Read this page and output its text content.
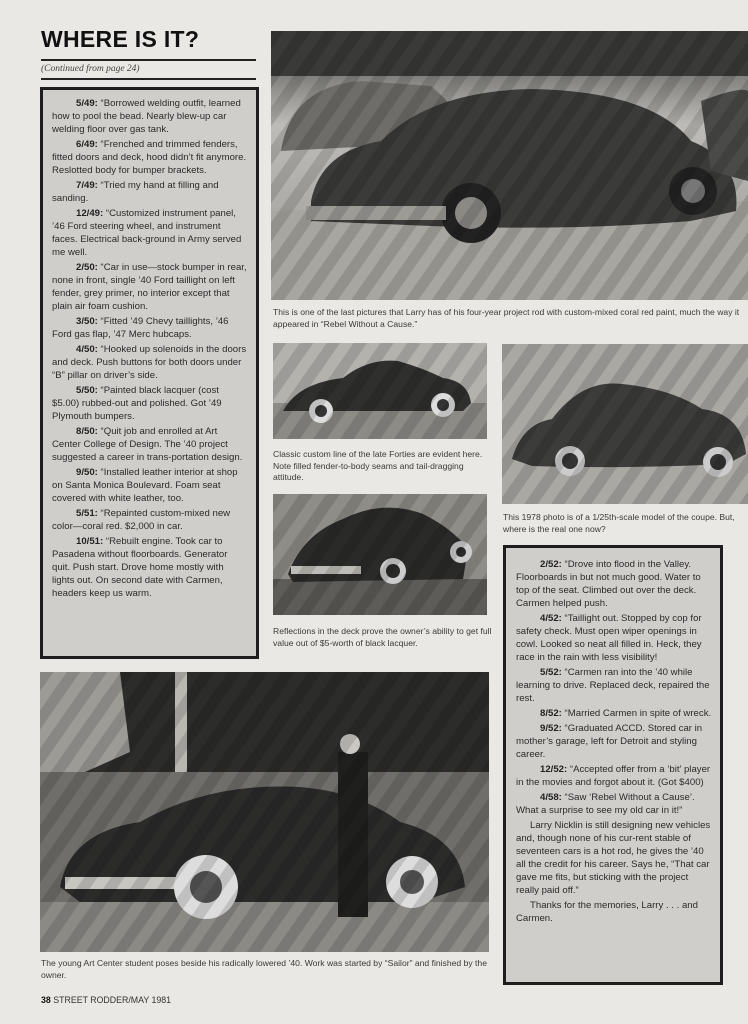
WHERE IS IT?
(Continued from page 24)

5/49: “Borrowed welding outfit, learned how to pool the bead. Nearly blew-up car welding floor over gas tank.

6/49: “Frenched and trimmed fenders, fitted doors and deck, hood didn’t fit anymore. Reslotted body for bumper brackets.

7/49: “Tried my hand at filling and sanding.

12/49: “Customized instrument panel, ’46 Ford steering wheel, and instrument faces. Electrical back-ground in Army served me well.

2/50: “Car in use—stock bumper in rear, none in front, single ’40 Ford taillight on left fender, grey primer, no interior except that plain air foam cushion.

3/50: “Fitted ’49 Chevy taillights, ’46 Ford gas flap, ’47 Merc hubcaps.

4/50: “Hooked up solenoids in the doors and deck. Push buttons for both doors under “B” pillar on driver’s side.

5/50: “Painted black lacquer (cost $5.00) rubbed-out and polished. Got ’49 Plymouth bumpers.

8/50: “Quit job and enrolled at Art Center College of Design. The ’40 project suggested a career in trans-portation design.

9/50: “Installed leather interior at shop on Santa Monica Boulevard. Foam seat covered with white leather, too.

5/51: “Repainted custom-mixed new color—coral red. $2,000 in car.

10/51: “Rebuilt engine. Took car to Pasadena without floorboards. Generator quit. Push start. Drove home mostly with lights out. On second date with Carmen, headers keep us warm.

This is one of the last pictures that Larry has of his four-year project rod with custom-mixed coral red paint, much the way it appeared in “Rebel Without a Cause.”
Classic custom line of the late Forties are evident here. Note filled fender-to-body seams and tail-dragging attitude.
This 1978 photo is of a 1/25th-scale model of the coupe. But, where is the real one now?
Reflections in the deck prove the owner’s ability to get full value out of $5-worth of black lacquer.

2/52: “Drove into flood in the Valley. Floorboards in but not much good. Water to top of the seat. Climbed out over the deck. Carmen helped push.

4/52: “Taillight out. Stopped by cop for safety check. Must open wiper openings in cowl. Looked so neat all filled in. Heck, they race in the rain with less visibility!

5/52: “Carmen ran into the ’40 while learning to drive. Replaced deck, repaired the rest.

8/52: “Married Carmen in spite of wreck.

9/52: “Graduated ACCD. Stored car in mother’s garage, left for Detroit and styling career.

12/52: “Accepted offer from a ‘bit’ player in the movies and forgot about it. (Got $400)

4/58: “Saw ‘Rebel Without a Cause’. What a surprise to see my old car in it!”

Larry Nicklin is still designing new vehicles and, though none of his cur-rent stable of seventeen cars is a hot rod, he gives the ’40 all the credit for his career. Says he, “That car gave me fits, but sticking with the project really paid off.”

Thanks for the memories, Larry . . . and Carmen.

The young Art Center student poses beside his radically lowered ’40. Work was started by “Sailor” and finished by the owner.
38 STREET RODDER/MAY 1981
